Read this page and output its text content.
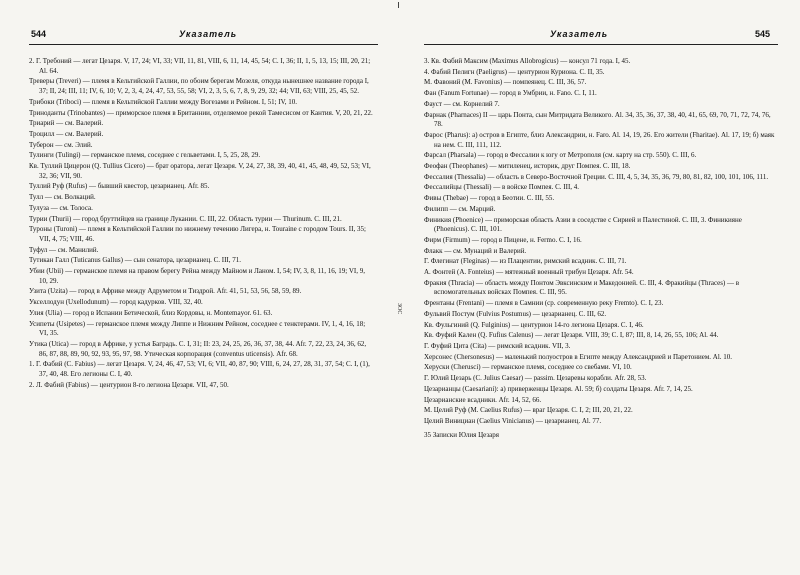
544	Указатель
2. Г. Требоний — легат Цезаря. V, 17, 24; VI, 33; VII, 11, 81, VIII, 6, 11, 14, 45, 54; С. I, 36; II, 1, 5, 13, 15; III, 20, 21; Al. 64.
Треверы (Treveri) — племя в Кельтийской Галлии, по обоим берегам Мозеля, откуда нынешнее название города I, 37; II, 24; III, 11; IV, 6, 10; V, 2, 3, 4, 24, 47, 53, 55, 58; VI, 2, 3, 5, 6, 7, 8, 9, 29, 32; 44; VII, 63; VIII, 25, 45, 52.
Трибоки (Triboci) — племя в Кельтийской Галлии между Вогезами и Рейном. I, 51; IV, 10.
Триноданты (Trinobantes) — приморское племя в Британнии, отделяемое рекой Тамесисом от Кантия. V, 20, 21, 22.
Триарий — см. Валерий.
Троцилл — см. Валерий.
Туберон — см. Элий.
Тулинги (Tulingi) — германское племя, соседнее с гельветами. I, 5, 25, 28, 29.
Кв. Туллий Цицерон (Q. Tullius Cicero) — брат оратора, легат Цезаря. V, 24, 27, 38, 39, 40, 41, 45, 48, 49, 52, 53; VI, 32, 36; VII, 90.
Туллий Руф (Rufus) — бывший квестор, цезарианец. Afr. 85.
Тулл — см. Волкаций.
Тулуза — см. Толоса.
Турии (Thurii) — город бруттийцев на границе Лукании. С. III, 22. Область турии — Thurinum. С. III, 21.
Туроны (Turoni) — племя в Кельтийской Галлии по нижнему течению Лигера, н. Touraine с городом Tours. II, 35; VII, 4, 75; VIII, 46.
Туфул — см. Манилий.
Тутикан Галл (Tuticanus Gallus) — сын сенатора, цезарианец. С. III, 71.
Убии (Ubii) — германское племя на правом берегу Рейна между Майном и Ланом. I, 54; IV, 3, 8, 11, 16, 19; VI, 9, 10, 29.
Узита (Uzita) — город в Африке между Адруметом и Тиздрой. Afr. 41, 51, 53, 56, 58, 59, 89.
Укселлодун (Uxellodunum) — город кадурков. VIII, 32, 40.
Улия (Ulia) — город в Испании Бетической, близ Кордовы, н. Montemayor. 61. 63.
Усипеты (Usipetes) — германское племя между Липпе и Нижним Рейном, соседнее с тенктерами. IV, 1, 4, 16, 18; VI, 35.
Утика (Utica) — город в Африке, у устья Баградь. С. I, 31; II: 23, 24, 25, 26, 36, 37, 38, 44. Afr. 7, 22, 23, 24, 36, 62, 86, 87, 88, 89, 90, 92, 93, 95, 97, 98. Утическая корпорация (conventus uticensis). Afr. 68.
1. Г. Фабий (C. Fabius) — легат Цезаря. V, 24, 46, 47, 53; VI, 6; VII, 40, 87, 90; VIII, 6, 24, 27, 28, 31, 37, 54; С. I, (1), 37, 40, 48. Его легионы С. I, 40.
2. Л. Фабий (Fabius) — центурион 8-го легиона Цезаря. VII, 47, 50.
ЗОС
Указатель	545
3. Кв. Фабий Максим (Maximus Allobrogicus) — консул 71 года. I, 45.
4. Фабий Пелигн (Paeligrus) — центурион Куриона. С. II, 35.
М. Фавоний (M. Favonius) — помпеянец. С. III, 36, 57.
Фан (Fanum Fortunae) — город в Умбрии, н. Fano. С. I, 11.
Фауст — см. Корнелий 7.
Фарнак (Pharnaces) II — царь Понта, сын Митридата Великого. Al. 34, 35, 36, 37, 38, 40, 41, 65, 69, 70, 71, 72, 74, 76, 78.
Фарос (Pharus): а) остров в Египте, близ Александрии, н. Faro. Al. 14, 19, 26. Его жители (Fharitae). Al. 17, 19; б) маяк на нем. С. III, 111, 112.
Фарсал (Pharsala) — город в Фессалии к югу от Метрополя (см. карту на стр. 550). С. III, 6.
Феофан (Theophanes) — митиленец, историк, друг Помпея. С. III, 18.
Фессалия (Thessalia) — область в Северо-Восточной Греции. С. III, 4, 5, 34, 35, 36, 79, 80, 81, 82, 100, 101, 106, 111.
Фессалийцы (Thessali) — в войске Помпея. С. III, 4.
Фивы (Thebae) — город в Беотии. С. III, 55.
Филипп — см. Марций.
Финикия (Phoenice) — приморская область Азии в соседстве с Сирией и Палестиной. С. III, 3. Финикияне (Phoenicus). С. III, 101.
Фирм (Firmum) — город в Пицене, н. Fermo. С. I, 16.
Флакк — см. Мунаций и Валерий.
Г. Флегинат (Fleginas) — из Плацентии, римский всадник. С. III, 71.
А. Фонтей (A. Fonteius) — мятежный военный трибун Цезаря. Afr. 54.
Фракия (Thracia) — область между Понтом Эвксинским и Македонией. С. III, 4. Фракийцы (Thraces) — в вспомогательных войсках Помпея. С. III, 95.
Френтаны (Frentani) — племя в Самнии (ср. современную реку Fremto). С. I, 23.
Фульвий Постум (Fulvius Postumus) — цезарианец. С. III, 62.
Кв. Фульгиний (Q. Fulginius) — центурион 14-го легиона Цезаря. С. I, 46.
Кв. Фуфий Кален (Q. Fufius Calenus) — легат Цезаря. VIII, 39; С. I, 87; III, 8, 14, 26, 55, 106; Al. 44.
Г. Фуфий Цита (Cita) — римский всадник. VII, 3.
Херсонес (Chersonesus) — маленький полуостров в Египте между Александрией и Паретонием. Al. 10.
Херуски (Cherusci) — германское племя, соседнее со свебами. VI, 10.
Г. Юлий Цезарь (C. Julius Caesar) — passim. Цезаревы корабли. Afr. 28, 53.
Цезарианцы (Caesariani): а) приверженцы Цезаря. Al. 59; б) солдаты Цезаря. Afr. 7, 14, 25.
Цезарианские всадники. Afr. 14, 52, 66.
М. Целий Руф (M. Caelius Rufus) — враг Цезаря. С. I, 2; III, 20, 21, 22.
Целий Винициан (Caelius Vinicianus) — цезарианец. Al. 77.
35 Записки Юлия Цезаря
